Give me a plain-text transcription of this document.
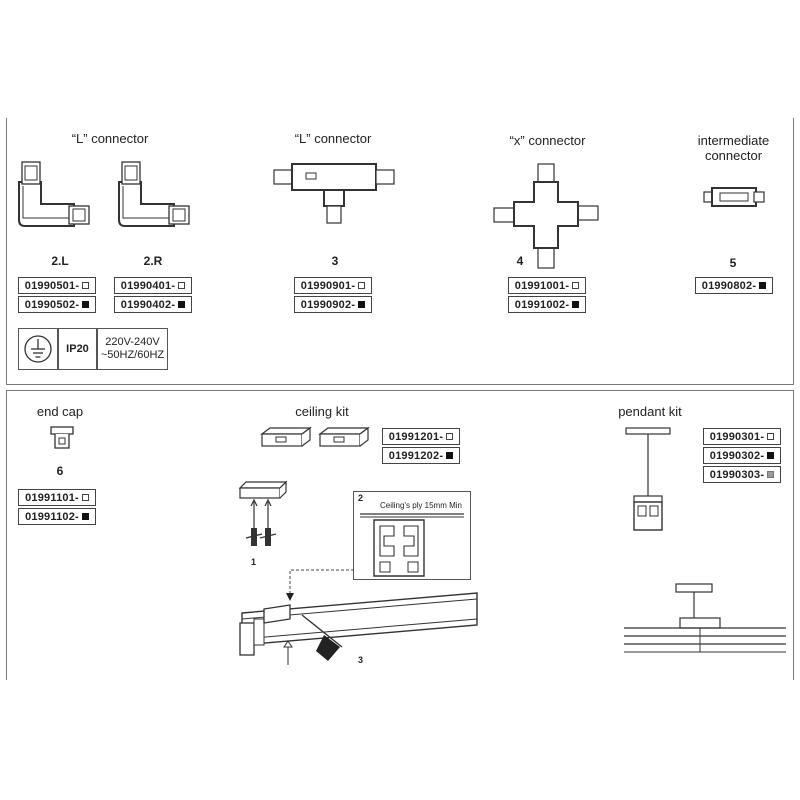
“L” connector	“L” connector	“x” connector	intermediate connector
2.L	2.R	3	4	5
01990501 -
01990502 -
01990401 -
01990402 -
01990901 -
01990902 -
01991001 -
01991002 -
01990802 -
IP20
220V-240V
~50HZ/60HZ
end cap	ceiling kit	pendant kit
6
01991101 -
01991102 -
01991201 -
01991202 -
1
2
Ceiling's ply 15mm Min
3
01990301 -
01990302 -
01990303 -
